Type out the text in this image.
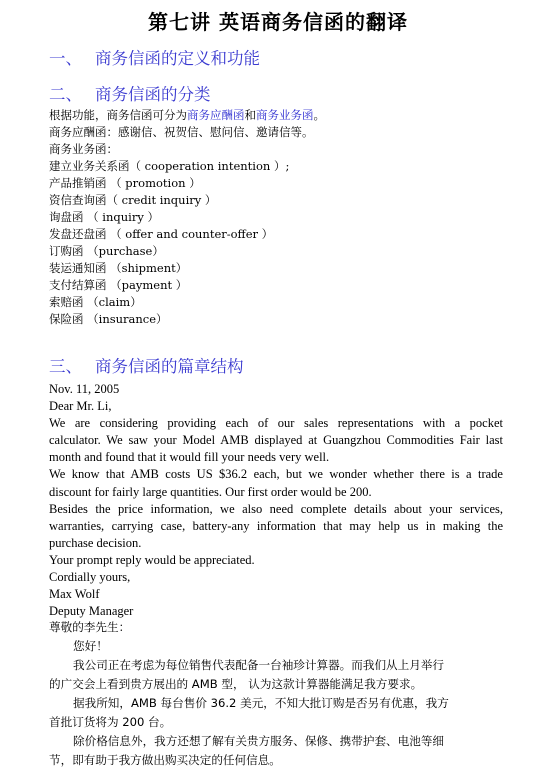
第七讲 英语商务信函的翻译
一、 商务信函的定义和功能
二、 商务信函的分类
根据功能，商务信函可分为商务应酬函和商务业务函。
商务应酬函：感谢信、祝贺信、慰问信、邀请信等。
商务业务函：
建立业务关系函（ cooperation intention ）;
产品推销函 （ promotion ）
资信查询函（ credit inquiry ）
询盘函 （ inquiry ）
发盘还盘函 （ offer and counter-offer ）
订购函 （purchase）
装运通知函 （shipment）
支付结算函 （payment ）
索赔函 （claim）
保险函 （insurance）
三、 商务信函的篇章结构
Nov. 11, 2005
Dear Mr. Li,
We are considering providing each of our sales representations with a pocket
calculator. We saw your Model AMB displayed at Guangzhou Commodities Fair last
month and found that it would fill your needs very well.
We know that AMB costs US $36.2 each, but we wonder whether there is a trade
discount for fairly large quantities. Our first order would be 200.
Besides the price information, we also need complete details about your services,
warranties, carrying case, battery-any information that may help us in making the
purchase decision.
Your prompt reply would be appreciated.
Cordially yours,
Max Wolf
Deputy Manager
尊敬的李先生：
您好！
我公司正在考虑为每位销售代表配备一台袖珍计算器。而我们从上月举行
的广交会上看到贵方展出的 AMB 型， 认为这款计算器能满足我方要求。
据我所知，AMB 每台售价 36.2 美元，不知大批订购是否另有优惠，我方
首批订货将为 200 台。
除价格信息外，我方还想了解有关贵方服务、保修、携带护套、电池等细
节，即有助于我方做出购买决定的任何信息。
